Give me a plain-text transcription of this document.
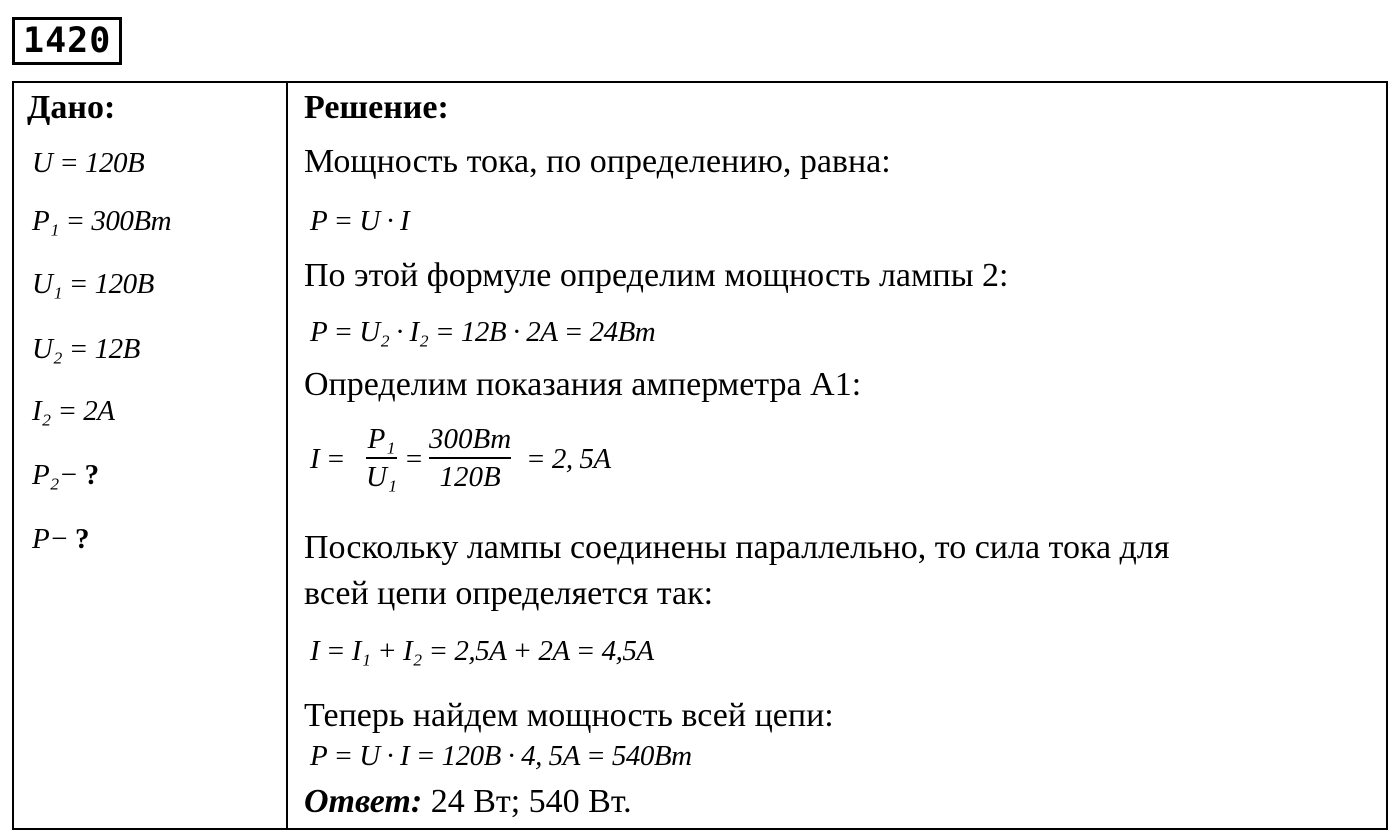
1420
Дано:
U = 120B
P₁ = 300Bm
U₁ = 120B
U₂ = 12B
I₂ = 2A
P₂− ?
P− ?
Решение:
Мощность тока, по определению, равна:
P = U · I
По этой формуле определим мощность лампы 2:
P = U₂ · I₂ = 12B · 2A = 24Bm
Определим показания амперметра А1:
I =
P₁
U₁
=
300Bm
120B
= 2, 5A
Поскольку лампы соединены параллельно, то сила тока для
всей цепи определяется так:
I = I₁ + I₂ = 2,5A + 2A = 4,5A
Теперь найдем мощность всей цепи:
P = U · I = 120B · 4, 5A = 540Bm
Ответ: 24 Вт; 540 Вт.
